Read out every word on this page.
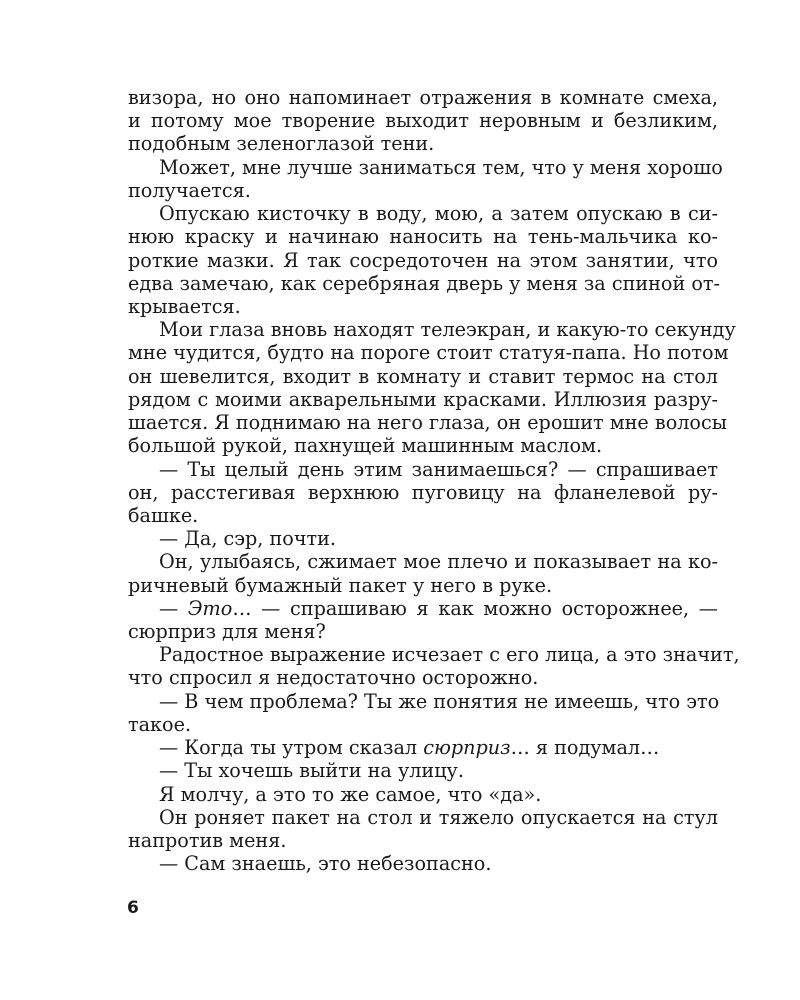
визора, но оно напоминает отражения в комнате смеха,
и потому мое творение выходит неровным и безликим,
подобным зеленоглазой тени.
Может, мне лучше заниматься тем, что у меня хорошо
получается.
Опускаю кисточку в воду, мою, а затем опускаю в си-
нюю краску и начинаю наносить на тень-мальчика ко-
роткие мазки. Я так сосредоточен на этом занятии, что
едва замечаю, как серебряная дверь у меня за спиной от-
крывается.
Мои глаза вновь находят телеэкран, и какую-то секунду
мне чудится, будто на пороге стоит статуя-папа. Но потом
он шевелится, входит в комнату и ставит термос на стол
рядом с моими акварельными красками. Иллюзия разру-
шается. Я поднимаю на него глаза, он ерошит мне волосы
большой рукой, пахнущей машинным маслом.
— Ты целый день этим занимаешься? — спрашивает
он, расстегивая верхнюю пуговицу на фланелевой ру-
башке.
— Да, сэр, почти.
Он, улыбаясь, сжимает мое плечо и показывает на ко-
ричневый бумажный пакет у него в руке.
— Это… — спрашиваю я как можно осторожнее, —
сюрприз для меня?
Радостное выражение исчезает с его лица, а это значит,
что спросил я недостаточно осторожно.
— В чем проблема? Ты же понятия не имеешь, что это
такое.
— Когда ты утром сказал сюрприз… я подумал…
— Ты хочешь выйти на улицу.
Я молчу, а это то же самое, что «да».
Он роняет пакет на стол и тяжело опускается на стул
напротив меня.
— Сам знаешь, это небезопасно.
6
